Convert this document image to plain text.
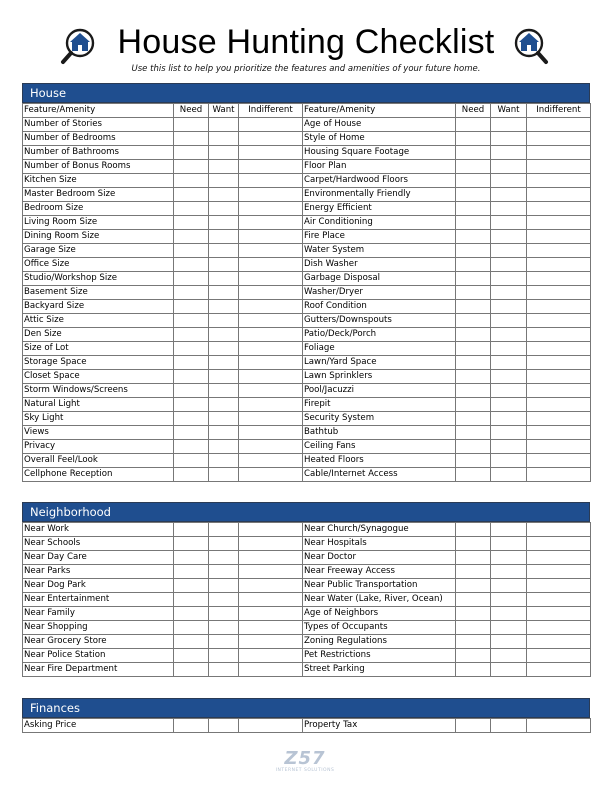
House Hunting Checklist
Use this list to help you prioritize the features and amenities of your future home.
House
Feature/Amenity	Need	Want	Indifferent	Feature/Amenity	Need	Want	Indifferent
Number of Stories				Age of House			
Number of Bedrooms				Style of Home			
Number of Bathrooms				Housing Square Footage			
Number of Bonus Rooms				Floor Plan			
Kitchen Size				Carpet/Hardwood Floors			
Master Bedroom Size				Environmentally Friendly			
Bedroom Size				Energy Efficient			
Living Room Size				Air Conditioning			
Dining Room Size				Fire Place			
Garage Size				Water System			
Office Size				Dish Washer			
Studio/Workshop Size				Garbage Disposal			
Basement Size				Washer/Dryer			
Backyard Size				Roof Condition			
Attic Size				Gutters/Downspouts			
Den Size				Patio/Deck/Porch			
Size of Lot				Foliage			
Storage Space				Lawn/Yard Space			
Closet Space				Lawn Sprinklers			
Storm Windows/Screens				Pool/Jacuzzi			
Natural Light				Firepit			
Sky Light				Security System			
Views				Bathtub			
Privacy				Ceiling Fans			
Overall Feel/Look				Heated Floors			
Cellphone Reception				Cable/Internet Access			
Neighborhood
Near Work				Near Church/Synagogue			
Near Schools				Near Hospitals			
Near Day Care				Near Doctor			
Near Parks				Near Freeway Access			
Near Dog Park				Near Public Transportation			
Near Entertainment				Near Water (Lake, River, Ocean)			
Near Family				Age of Neighbors			
Near Shopping				Types of Occupants			
Near Grocery Store				Zoning Regulations			
Near Police Station				Pet Restrictions			
Near Fire Department				Street Parking			
Finances
Asking Price				Property Tax			
Z57
INTERNET SOLUTIONS
